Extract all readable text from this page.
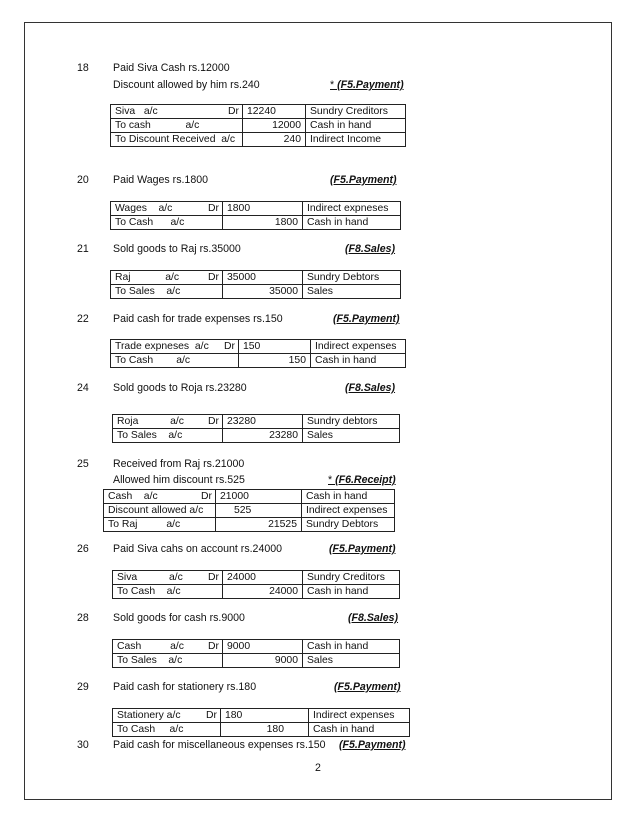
18 Paid Siva Cash rs.12000
Discount allowed by him rs.240	* (F5.Payment)
Siva   a/c	Dr	12240	Sundry Creditors
To cash            a/c		12000	Cash in hand
To Discount Received  a/c		240	Indirect Income
20 Paid Wages rs.1800	(F5.Payment)
Wages    a/c	Dr	1800	Indirect expneses
To Cash      a/c		1800	Cash in hand
21 Sold goods to Raj rs.35000	(F8.Sales)
Raj            a/c	Dr	35000	Sundry Debtors
To Sales    a/c		35000	Sales
22 Paid cash for trade expenses rs.150	(F5.Payment)
Trade expneses  a/c	Dr	150	Indirect expenses
To Cash        a/c		150	Cash in hand
24 Sold goods to Roja rs.23280	(F8.Sales)
Roja           a/c	Dr	23280	Sundry debtors
To Sales    a/c		23280	Sales
25 Received from Raj rs.21000
Allowed him discount rs.525	* (F6.Receipt)
Cash    a/c	Dr	21000	Cash in hand
Discount allowed a/c		525	Indirect expenses
To Raj          a/c		21525	Sundry Debtors
26 Paid Siva cahs on account rs.24000	(F5.Payment)
Siva           a/c	Dr	24000	Sundry Creditors
To Cash    a/c		24000	Cash in hand
28 Sold goods for cash rs.9000	(F8.Sales)
Cash          a/c	Dr	9000	Cash in hand
To Sales    a/c		9000	Sales
29 Paid cash for stationery rs.180	(F5.Payment)
Stationery a/c	Dr	180	Indirect expenses
To Cash     a/c		180	Cash in hand
30 Paid cash for miscellaneous expenses rs.150 (F5.Payment)
2
